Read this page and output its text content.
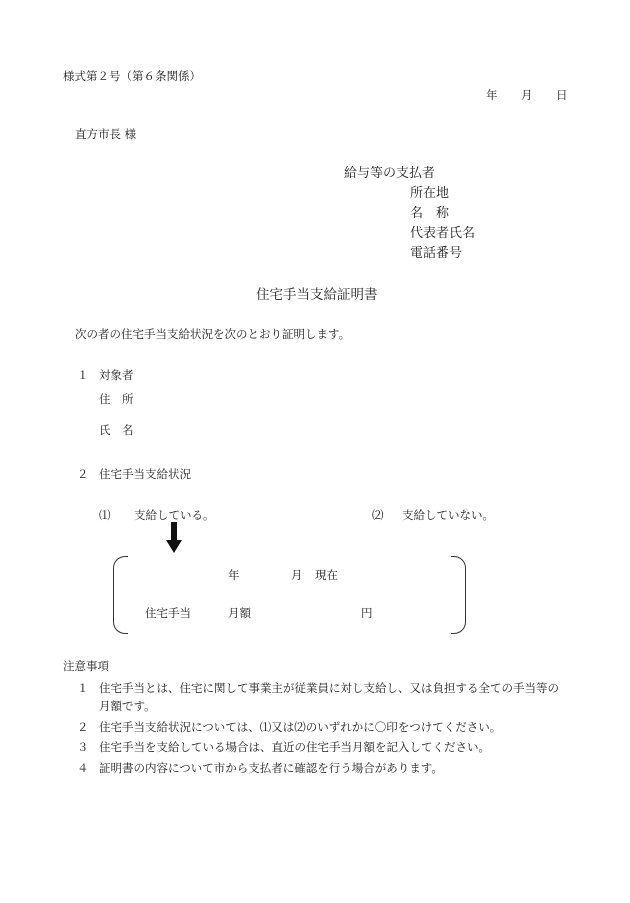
様式第２号（第６条関係）
年 月 日
直方市長 様
給与等の支払者
所在地
名　称
代表者氏名
電話番号
住宅手当支給証明書
次の者の住宅手当支給状況を次のとおり証明します。
１ 対象者
住　所
氏　名
２ 住宅手当支給状況
⑴ 支給している。	⑵ 支給していない。
年	月 現在
住宅手当	月額	円
注意事項
１ 住宅手当とは、住宅に関して事業主が従業員に対し支給し、又は負担する全ての手当等の
月額です。
２ 住宅手当支給状況については、⑴又は⑵のいずれかに〇印をつけてください。
３ 住宅手当を支給している場合は、直近の住宅手当月額を記入してください。
４ 証明書の内容について市から支払者に確認を行う場合があります。
